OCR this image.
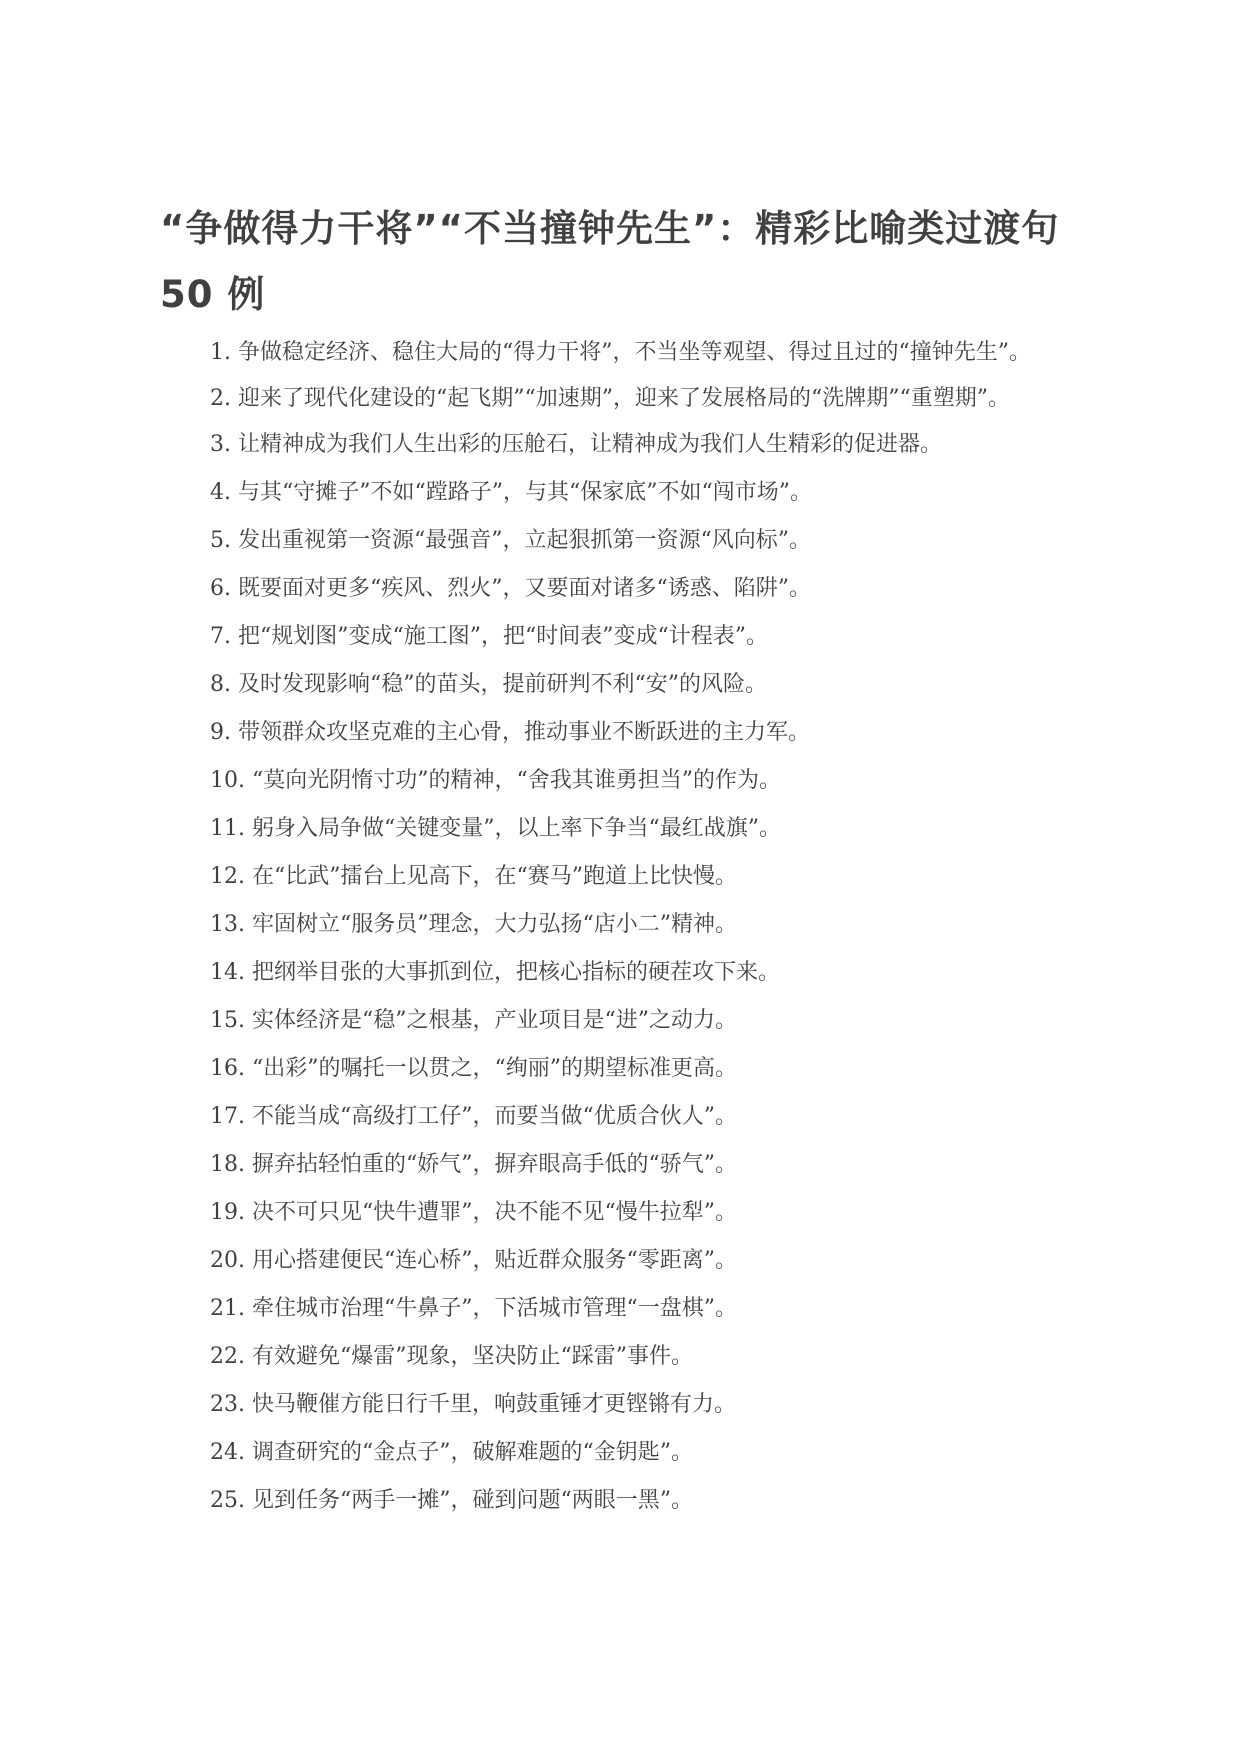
“争做得力干将”“不当撞钟先生”：精彩比喻类过渡句 50 例
1. 争做稳定经济、稳住大局的“得力干将”，不当坐等观望、得过且过的“撞钟先生”。
2. 迎来了现代化建设的“起飞期”“加速期”，迎来了发展格局的“洗牌期”“重塑期”。
3. 让精神成为我们人生出彩的压舱石，让精神成为我们人生精彩的促进器。
4. 与其“守摊子”不如“蹚路子”，与其“保家底”不如“闯市场”。
5. 发出重视第一资源“最强音”，立起狠抓第一资源“风向标”。
6. 既要面对更多“疾风、烈火”，又要面对诸多“诱惑、陷阱”。
7. 把“规划图”变成“施工图”，把“时间表”变成“计程表”。
8. 及时发现影响“稳”的苗头，提前研判不利“安”的风险。
9. 带领群众攻坚克难的主心骨，推动事业不断跃进的主力军。
10. “莫向光阴惰寸功”的精神，“舍我其谁勇担当”的作为。
11. 躬身入局争做“关键变量”，以上率下争当“最红战旗”。
12. 在“比武”擂台上见高下，在“赛马”跑道上比快慢。
13. 牢固树立“服务员”理念，大力弘扬“店小二”精神。
14. 把纲举目张的大事抓到位，把核心指标的硬茬攻下来。
15. 实体经济是“稳”之根基，产业项目是“进”之动力。
16. “出彩”的嘱托一以贯之，“绚丽”的期望标准更高。
17. 不能当成“高级打工仔”，而要当做“优质合伙人”。
18. 摒弃拈轻怕重的“娇气”，摒弃眼高手低的“骄气”。
19. 决不可只见“快牛遭罪”，决不能不见“慢牛拉犁”。
20. 用心搭建便民“连心桥”，贴近群众服务“零距离”。
21. 牵住城市治理“牛鼻子”，下活城市管理“一盘棋”。
22. 有效避免“爆雷”现象，坚决防止“踩雷”事件。
23. 快马鞭催方能日行千里，响鼓重锤才更铿锵有力。
24. 调查研究的“金点子”，破解难题的“金钥匙”。
25. 见到任务“两手一摊”，碰到问题“两眼一黑”。
